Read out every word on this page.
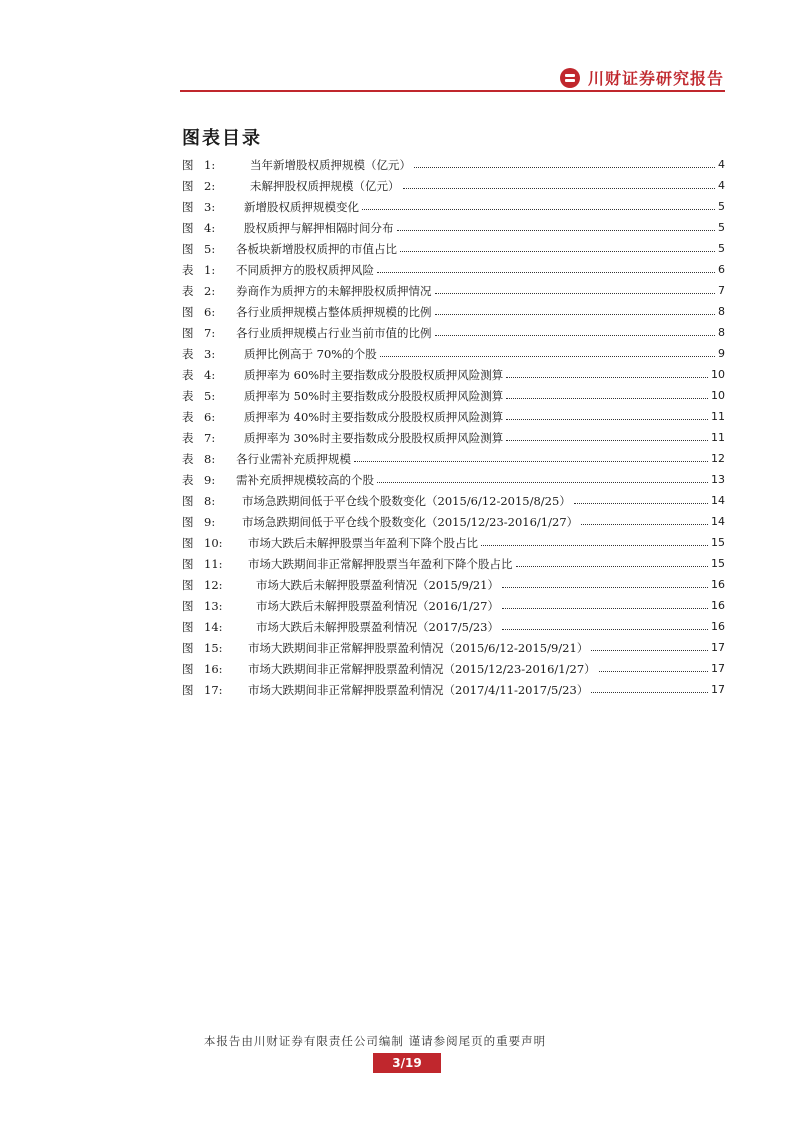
川财证券研究报告
图表目录
图 1:	当年新增股权质押规模（亿元）	4
图 2:	未解押股权质押规模（亿元）	4
图 3:	新增股权质押规模变化	5
图 4:	股权质押与解押相隔时间分布	5
图 5:	各板块新增股权质押的市值占比	5
表 1:	不同质押方的股权质押风险	6
表 2:	券商作为质押方的未解押股权质押情况	7
图 6:	各行业质押规模占整体质押规模的比例	8
图 7:	各行业质押规模占行业当前市值的比例	8
表 3:	质押比例高于 70%的个股	9
表 4:	质押率为 60%时主要指数成分股股权质押风险测算	10
表 5:	质押率为 50%时主要指数成分股股权质押风险测算	10
表 6:	质押率为 40%时主要指数成分股股权质押风险测算	11
表 7:	质押率为 30%时主要指数成分股股权质押风险测算	11
表 8:	各行业需补充质押规模	12
表 9:	需补充质押规模较高的个股	13
图 8:	市场急跌期间低于平仓线个股数变化（2015/6/12-2015/8/25）	14
图 9:	市场急跌期间低于平仓线个股数变化（2015/12/23-2016/1/27）	14
图 10:	市场大跌后未解押股票当年盈利下降个股占比	15
图 11:	市场大跌期间非正常解押股票当年盈利下降个股占比	15
图 12:	市场大跌后未解押股票盈利情况（2015/9/21）	16
图 13:	市场大跌后未解押股票盈利情况（2016/1/27）	16
图 14:	市场大跌后未解押股票盈利情况（2017/5/23）	16
图 15:	市场大跌期间非正常解押股票盈利情况（2015/6/12-2015/9/21）	17
图 16:	市场大跌期间非正常解押股票盈利情况（2015/12/23-2016/1/27）	17
图 17:	市场大跌期间非正常解押股票盈利情况（2017/4/11-2017/5/23）	17
本报告由川财证券有限责任公司编制 谨请参阅尾页的重要声明
3/19
